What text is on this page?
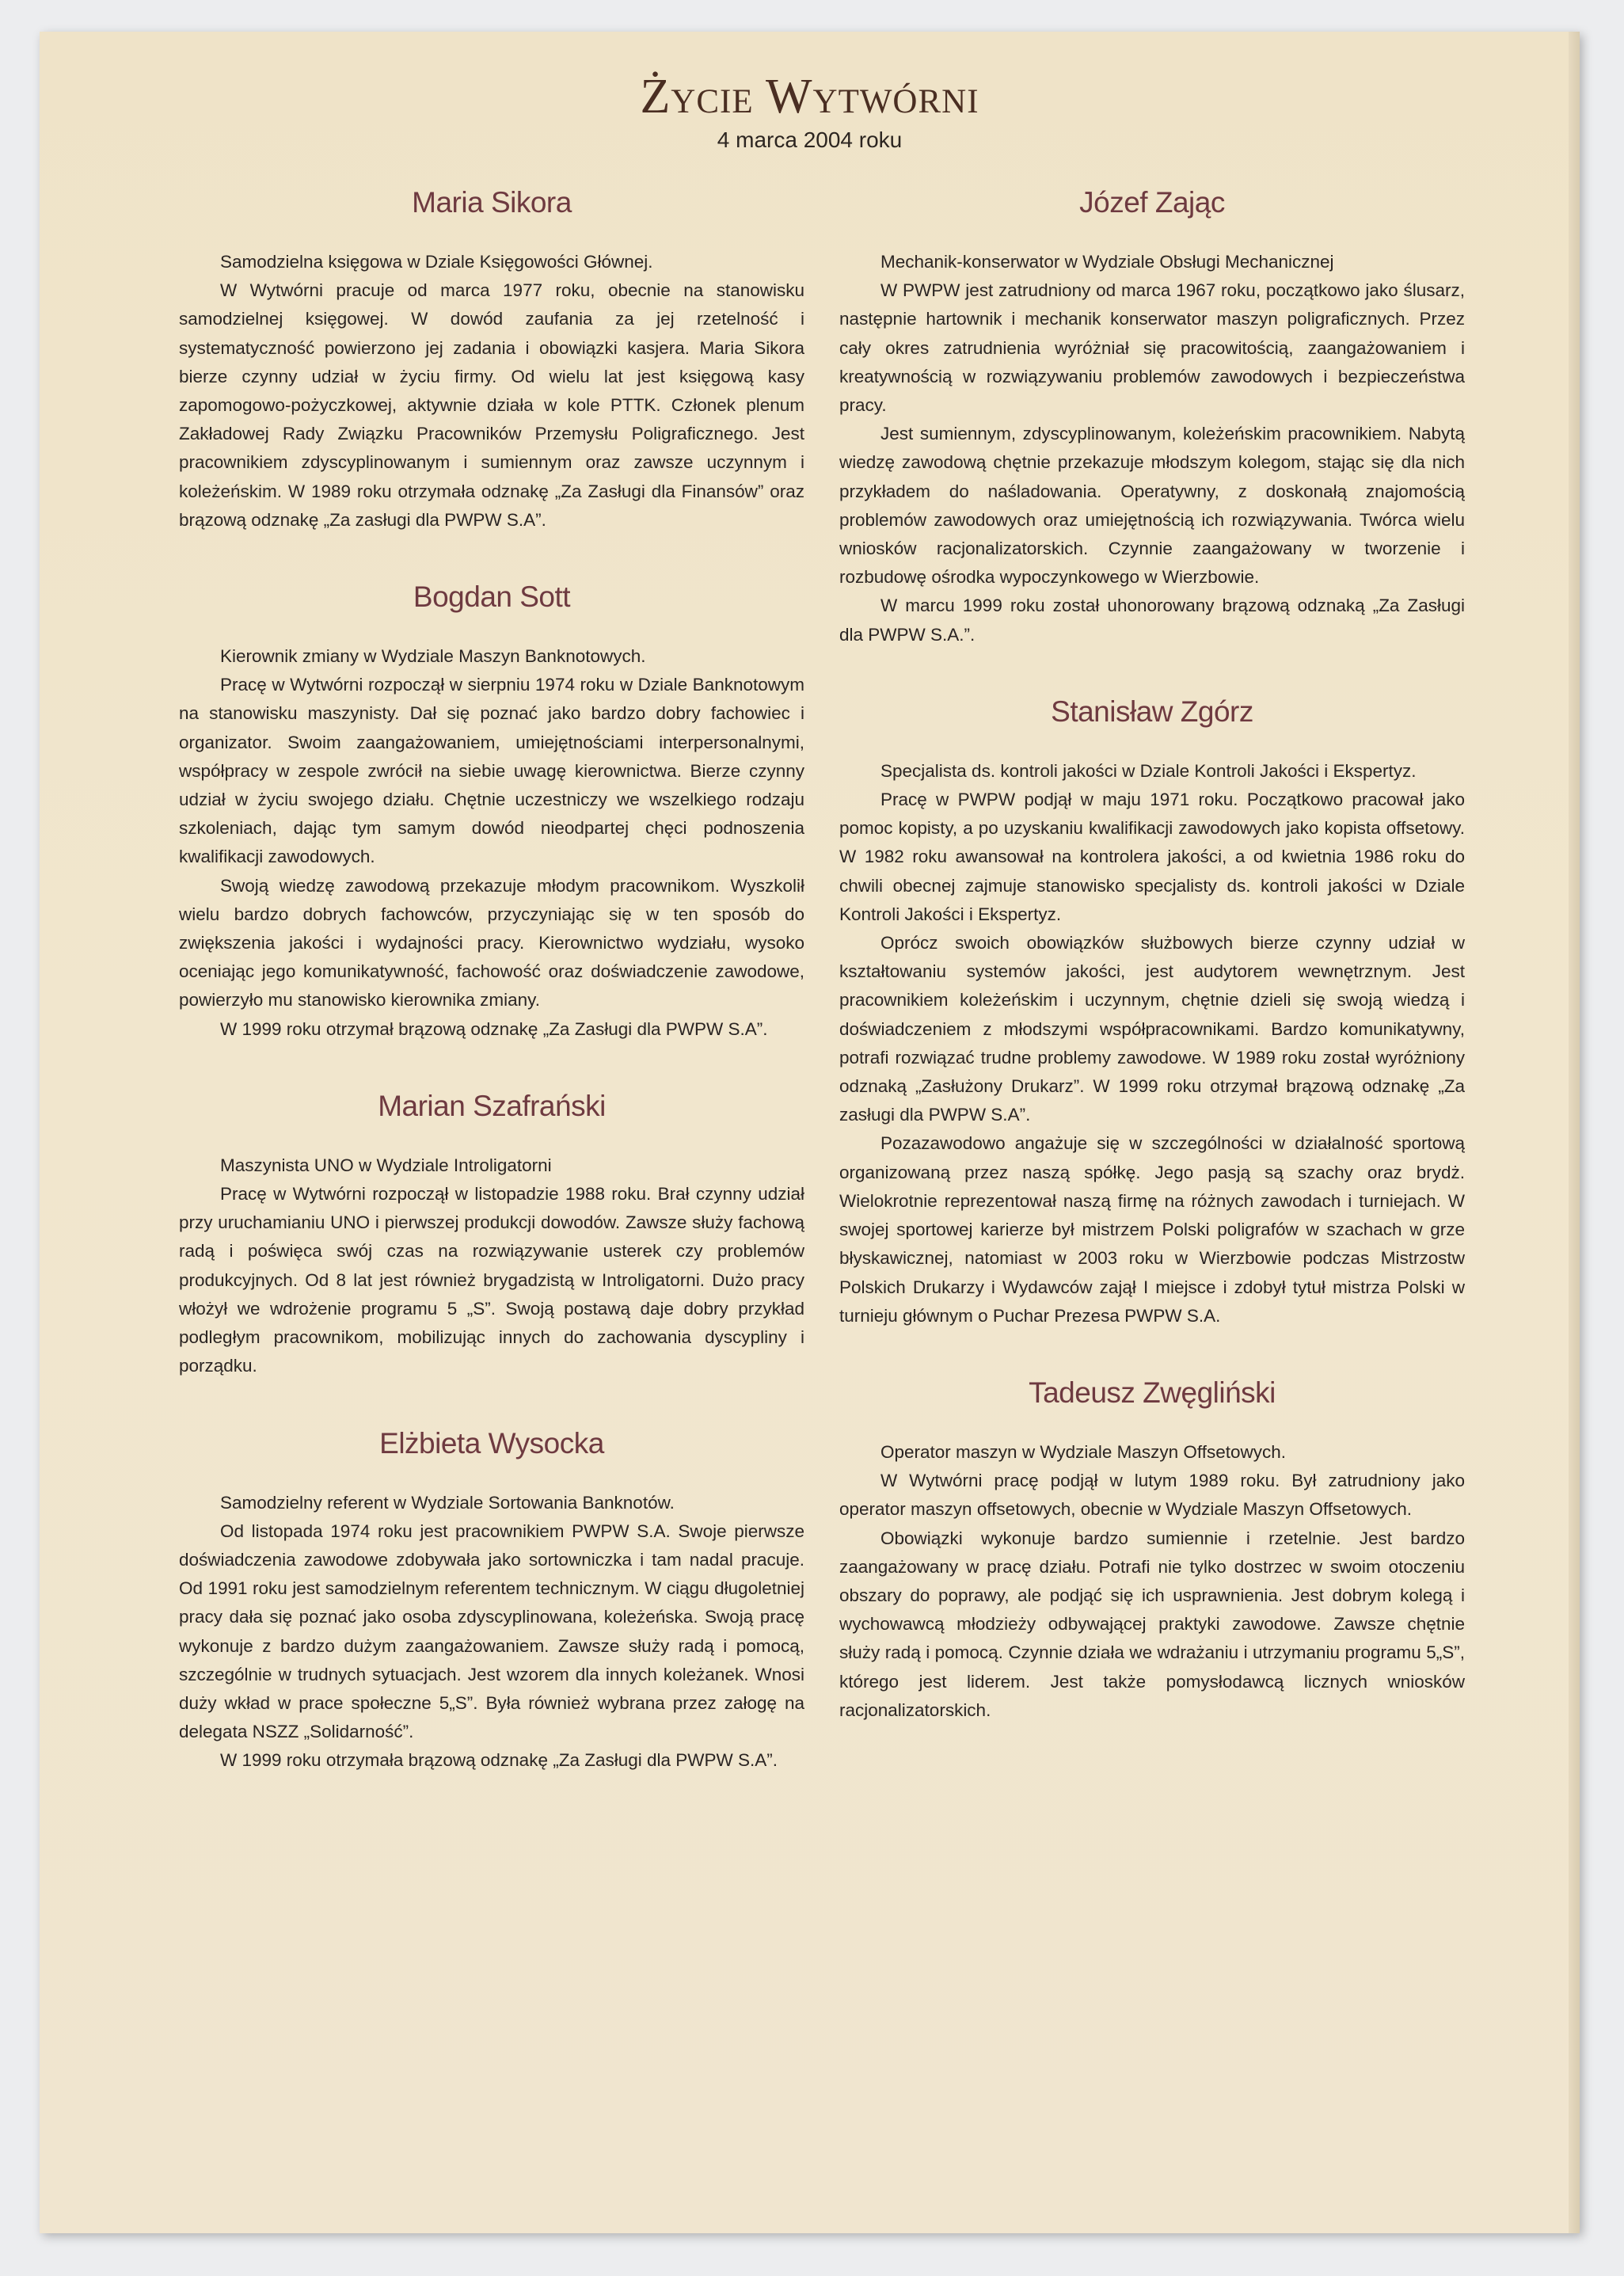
Życie Wytwórni
4 marca 2004 roku
Maria Sikora

Samodzielna księgowa w Dziale Księgowości Głównej.

W Wytwórni pracuje od marca 1977 roku, obecnie na stanowisku samodzielnej księgowej. W dowód zaufania za jej rzetelność i systematyczność powierzono jej zadania i obowiązki kasjera. Maria Sikora bierze czynny udział w życiu firmy. Od wielu lat jest księgową kasy zapomogowo-pożyczkowej, aktywnie działa w kole PTTK. Członek plenum Zakładowej Rady Związku Pracowników Przemysłu Poligraficznego. Jest pracownikiem zdyscyplinowanym i sumiennym oraz zawsze uczynnym i koleżeńskim. W 1989 roku otrzymała odznakę „Za Zasługi dla Finansów” oraz brązową odznakę „Za zasługi dla PWPW S.A”.

Bogdan Sott

Kierownik zmiany w Wydziale Maszyn Banknotowych.

Pracę w Wytwórni rozpoczął w sierpniu 1974 roku w Dziale Banknotowym na stanowisku maszynisty. Dał się poznać jako bardzo dobry fachowiec i organizator. Swoim zaangażowaniem, umiejętnościami interpersonalnymi, współpracy w zespole zwrócił na siebie uwagę kierownictwa. Bierze czynny udział w życiu swojego działu. Chętnie uczestniczy we wszelkiego rodzaju szkoleniach, dając tym samym dowód nieodpartej chęci podnoszenia kwalifikacji zawodowych.

Swoją wiedzę zawodową przekazuje młodym pracownikom. Wyszkolił wielu bardzo dobrych fachowców, przyczyniając się w ten sposób do zwiększenia jakości i wydajności pracy. Kierownictwo wydziału, wysoko oceniając jego komunikatywność, fachowość oraz doświadczenie zawodowe, powierzyło mu stanowisko kierownika zmiany.

W 1999 roku otrzymał brązową odznakę „Za Zasługi dla PWPW S.A”.

Marian Szafrański

Maszynista UNO w Wydziale Introligatorni

Pracę w Wytwórni rozpoczął w listopadzie 1988 roku. Brał czynny udział przy uruchamianiu UNO i pierwszej produkcji dowodów. Zawsze służy fachową radą i poświęca swój czas na rozwiązywanie usterek czy problemów produkcyjnych. Od 8 lat jest również brygadzistą w Introligatorni. Dużo pracy włożył we wdrożenie programu 5 „S”. Swoją postawą daje dobry przykład podległym pracownikom, mobilizując innych do zachowania dyscypliny i porządku.

Elżbieta Wysocka

Samodzielny referent w Wydziale Sortowania Banknotów.

Od listopada 1974 roku jest pracownikiem PWPW S.A. Swoje pierwsze doświadczenia zawodowe zdobywała jako sortowniczka i tam nadal pracuje. Od 1991 roku jest samodzielnym referentem technicznym. W ciągu długoletniej pracy dała się poznać jako osoba zdyscyplinowana, koleżeńska. Swoją pracę wykonuje z bardzo dużym zaangażowaniem. Zawsze służy radą i pomocą, szczególnie w trudnych sytuacjach. Jest wzorem dla innych koleżanek. Wnosi duży wkład w prace społeczne 5„S”. Była również wybrana przez załogę na delegata NSZZ „Solidarność”.

W 1999 roku otrzymała brązową odznakę „Za Zasługi dla PWPW S.A”.

Józef Zając

Mechanik-konserwator w Wydziale Obsługi Mechanicznej

W PWPW jest zatrudniony od marca 1967 roku, początkowo jako ślusarz, następnie hartownik i mechanik konserwator maszyn poligraficznych. Przez cały okres zatrudnienia wyróżniał się pracowitością, zaangażowaniem i kreatywnością w rozwiązywaniu problemów zawodowych i bezpieczeństwa pracy.

Jest sumiennym, zdyscyplinowanym, koleżeńskim pracownikiem. Nabytą wiedzę zawodową chętnie przekazuje młodszym kolegom, stając się dla nich przykładem do naśladowania. Operatywny, z doskonałą znajomością problemów zawodowych oraz umiejętnością ich rozwiązywania. Twórca wielu wniosków racjonalizatorskich. Czynnie zaangażowany w tworzenie i rozbudowę ośrodka wypoczynkowego w Wierzbowie.

W marcu 1999 roku został uhonorowany brązową odznaką „Za Zasługi dla PWPW S.A.”.

Stanisław Zgórz

Specjalista ds. kontroli jakości w Dziale Kontroli Jakości i Ekspertyz.

Pracę w PWPW podjął w maju 1971 roku. Początkowo pracował jako pomoc kopisty, a po uzyskaniu kwalifikacji zawodowych jako kopista offsetowy. W 1982 roku awansował na kontrolera jakości, a od kwietnia 1986 roku do chwili obecnej zajmuje stanowisko specjalisty ds. kontroli jakości w Dziale Kontroli Jakości i Ekspertyz.

Oprócz swoich obowiązków służbowych bierze czynny udział w kształtowaniu systemów jakości, jest audytorem wewnętrznym. Jest pracownikiem koleżeńskim i uczynnym, chętnie dzieli się swoją wiedzą i doświadczeniem z młodszymi współpracownikami. Bardzo komunikatywny, potrafi rozwiązać trudne problemy zawodowe. W 1989 roku został wyróżniony odznaką „Zasłużony Drukarz”. W 1999 roku otrzymał brązową odznakę „Za zasługi dla PWPW S.A”.

Pozazawodowo angażuje się w szczególności w działalność sportową organizowaną przez naszą spółkę. Jego pasją są szachy oraz brydż. Wielokrotnie reprezentował naszą firmę na różnych zawodach i turniejach. W swojej sportowej karierze był mistrzem Polski poligrafów w szachach w grze błyskawicznej, natomiast w 2003 roku w Wierzbowie podczas Mistrzostw Polskich Drukarzy i Wydawców zajął I miejsce i zdobył tytuł mistrza Polski w turnieju głównym o Puchar Prezesa PWPW S.A.

Tadeusz Zwęgliński

Operator maszyn w Wydziale Maszyn Offsetowych.

W Wytwórni pracę podjął w lutym 1989 roku. Był zatrudniony jako operator maszyn offsetowych, obecnie w Wydziale Maszyn Offsetowych.

Obowiązki wykonuje bardzo sumiennie i rzetelnie. Jest bardzo zaangażowany w pracę działu. Potrafi nie tylko dostrzec w swoim otoczeniu obszary do poprawy, ale podjąć się ich usprawnienia. Jest dobrym kolegą i wychowawcą młodzieży odbywającej praktyki zawodowe. Zawsze chętnie służy radą i pomocą. Czynnie działa we wdrażaniu i utrzymaniu programu 5„S”, którego jest liderem. Jest także pomysłodawcą licznych wniosków racjonalizatorskich.
